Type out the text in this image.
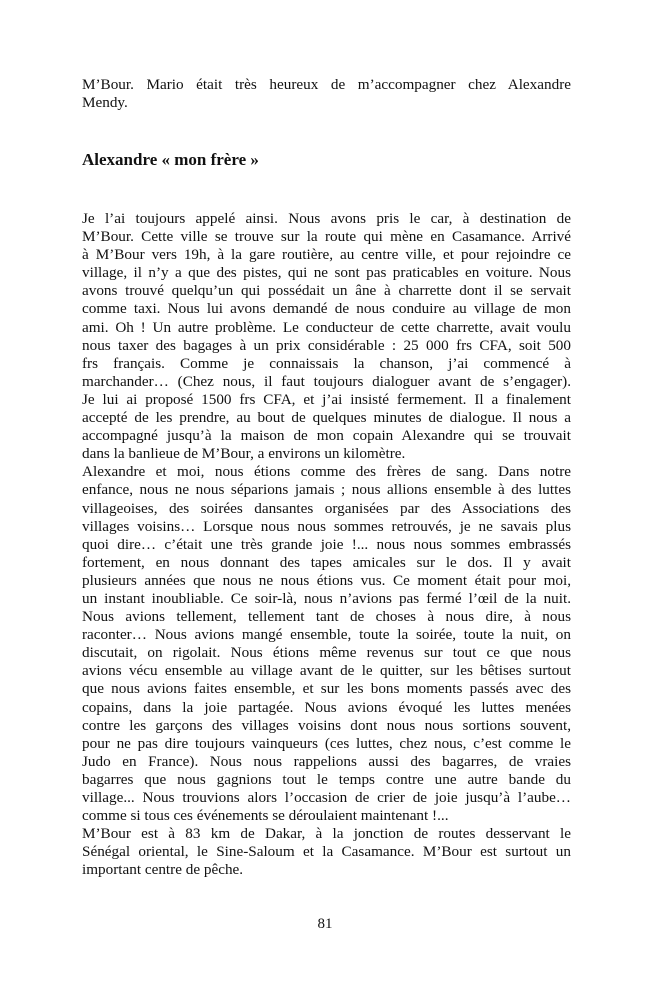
M’Bour. Mario était très heureux de m’accompagner chez Alexandre
Mendy.
Alexandre « mon frère »
Je l’ai toujours appelé ainsi. Nous avons pris le car, à destination de
M’Bour. Cette ville se trouve sur la route qui mène en Casamance. Arrivé
à M’Bour vers 19h, à la gare routière, au centre ville, et pour rejoindre ce
village, il n’y a que des pistes, qui ne sont pas praticables en voiture. Nous
avons trouvé quelqu’un qui possédait un âne à charrette dont il se servait
comme taxi. Nous lui avons demandé de nous conduire au village de mon
ami. Oh ! Un autre problème. Le conducteur de cette charrette, avait voulu
nous taxer des bagages à un prix considérable : 25 000 frs CFA, soit 500
frs français. Comme je connaissais la chanson, j’ai commencé à
marchander… (Chez nous, il faut toujours dialoguer avant de s’engager).
Je lui ai proposé 1500 frs CFA, et j’ai insisté fermement. Il a finalement
accepté de les prendre, au bout de quelques minutes de dialogue. Il nous a
accompagné jusqu’à la maison de mon copain Alexandre qui se trouvait
dans la banlieue de M’Bour, a environs un kilomètre.
Alexandre et moi, nous étions comme des frères de sang. Dans notre
enfance, nous ne nous séparions jamais ; nous allions ensemble à des luttes
villageoises, des soirées dansantes organisées par des Associations des
villages voisins… Lorsque nous nous sommes retrouvés, je ne savais plus
quoi dire… c’était une très grande joie !... nous nous sommes embrassés
fortement, en nous donnant des tapes amicales sur le dos. Il y avait
plusieurs années que nous ne nous étions vus. Ce moment était pour moi,
un instant inoubliable. Ce soir-là, nous n’avions pas fermé l’œil de la nuit.
Nous avions tellement, tellement tant de choses à nous dire, à nous
raconter… Nous avions mangé ensemble, toute la soirée, toute la nuit, on
discutait, on rigolait. Nous étions même revenus sur tout ce que nous
avions vécu ensemble au village avant de le quitter, sur les bêtises surtout
que nous avions faites ensemble, et sur les bons moments passés avec des
copains, dans la joie partagée. Nous avions évoqué les luttes menées
contre les garçons des villages voisins dont nous nous sortions souvent,
pour ne pas dire toujours vainqueurs (ces luttes, chez nous, c’est comme le
Judo en France). Nous nous rappelions aussi des bagarres, de vraies
bagarres que nous gagnions tout le temps contre une autre bande du
village... Nous trouvions alors l’occasion de crier de joie jusqu’à l’aube…
comme si tous ces événements se déroulaient maintenant !...
M’Bour est à 83 km de Dakar, à la jonction de routes desservant le
Sénégal oriental, le Sine-Saloum et la Casamance. M’Bour est surtout un
important centre de pêche.
81
